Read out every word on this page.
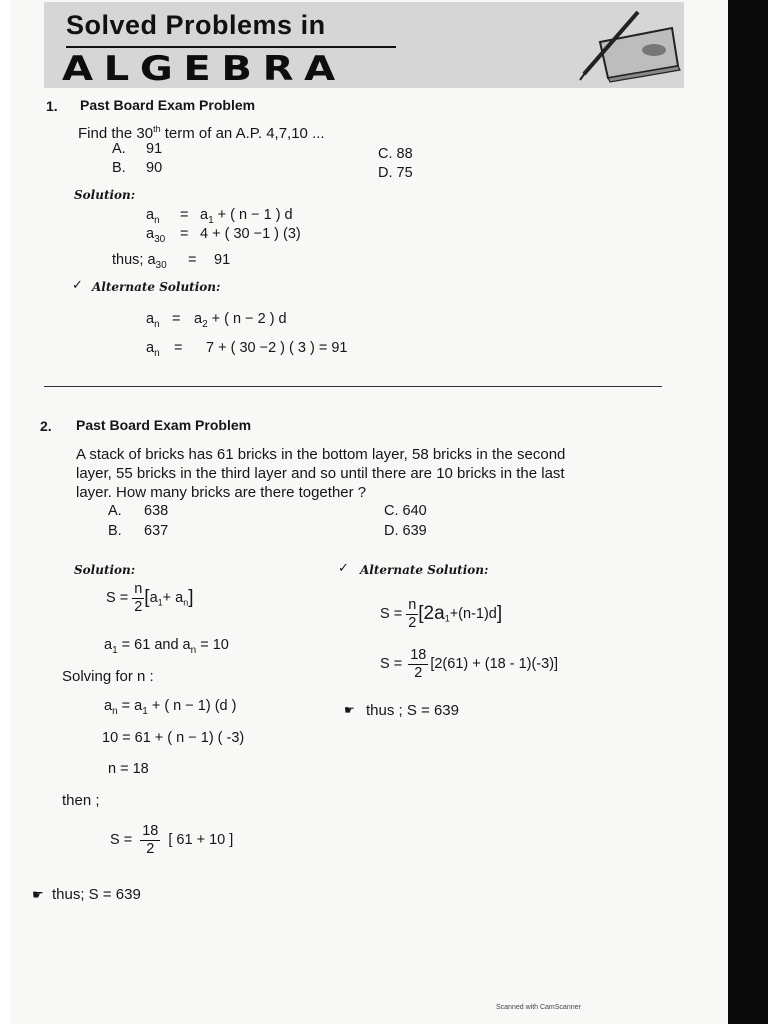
Solved Problems in
ALGEBRA
1. Past Board Exam Problem
Find the 30th term of an A.P. 4,7,10 ...
A. 91
B. 90
C. 88
D. 75
Solution:
$a_n = a_1$ + ( n − 1 ) d
$a_{30} = 4$ + ( 30 −1 ) (3)
thus; $a_{30} = 91$
✓ Alternate Solution:
$a_n = a_2$ + ( n − 2 ) d
$a_n = 7$ + ( 30 −2 ) ( 3 ) = 91
2. Past Board Exam Problem
A stack of bricks has 61 bricks in the bottom layer, 58 bricks in the second
layer, 55 bricks in the third layer and so until there are 10 bricks in the last
layer. How many bricks are there together ?
A. 638
B. 637
C. 640
D. 639
Solution:
$S = \frac{n}{2} [a_1+ a_n]$
$a_1 = 61$ and $a_n = 10$
Solving for n :
$a_n = a_1$ + ( n − 1) (d )
10 = 61 + ( n − 1) ( -3)
n = 18
then ;
$S = \frac{18}{2}$ [ 61 + 10 ]
☛ thus; S = 639
✓ Alternate Solution:
$S = \frac{n}{2} [2a_1+(n-1)d]$
$S = \frac{18}{2} [2(61) + (18 - 1)(-3)]$
☛ thus ; S = 639
Scanned with CamScanner
